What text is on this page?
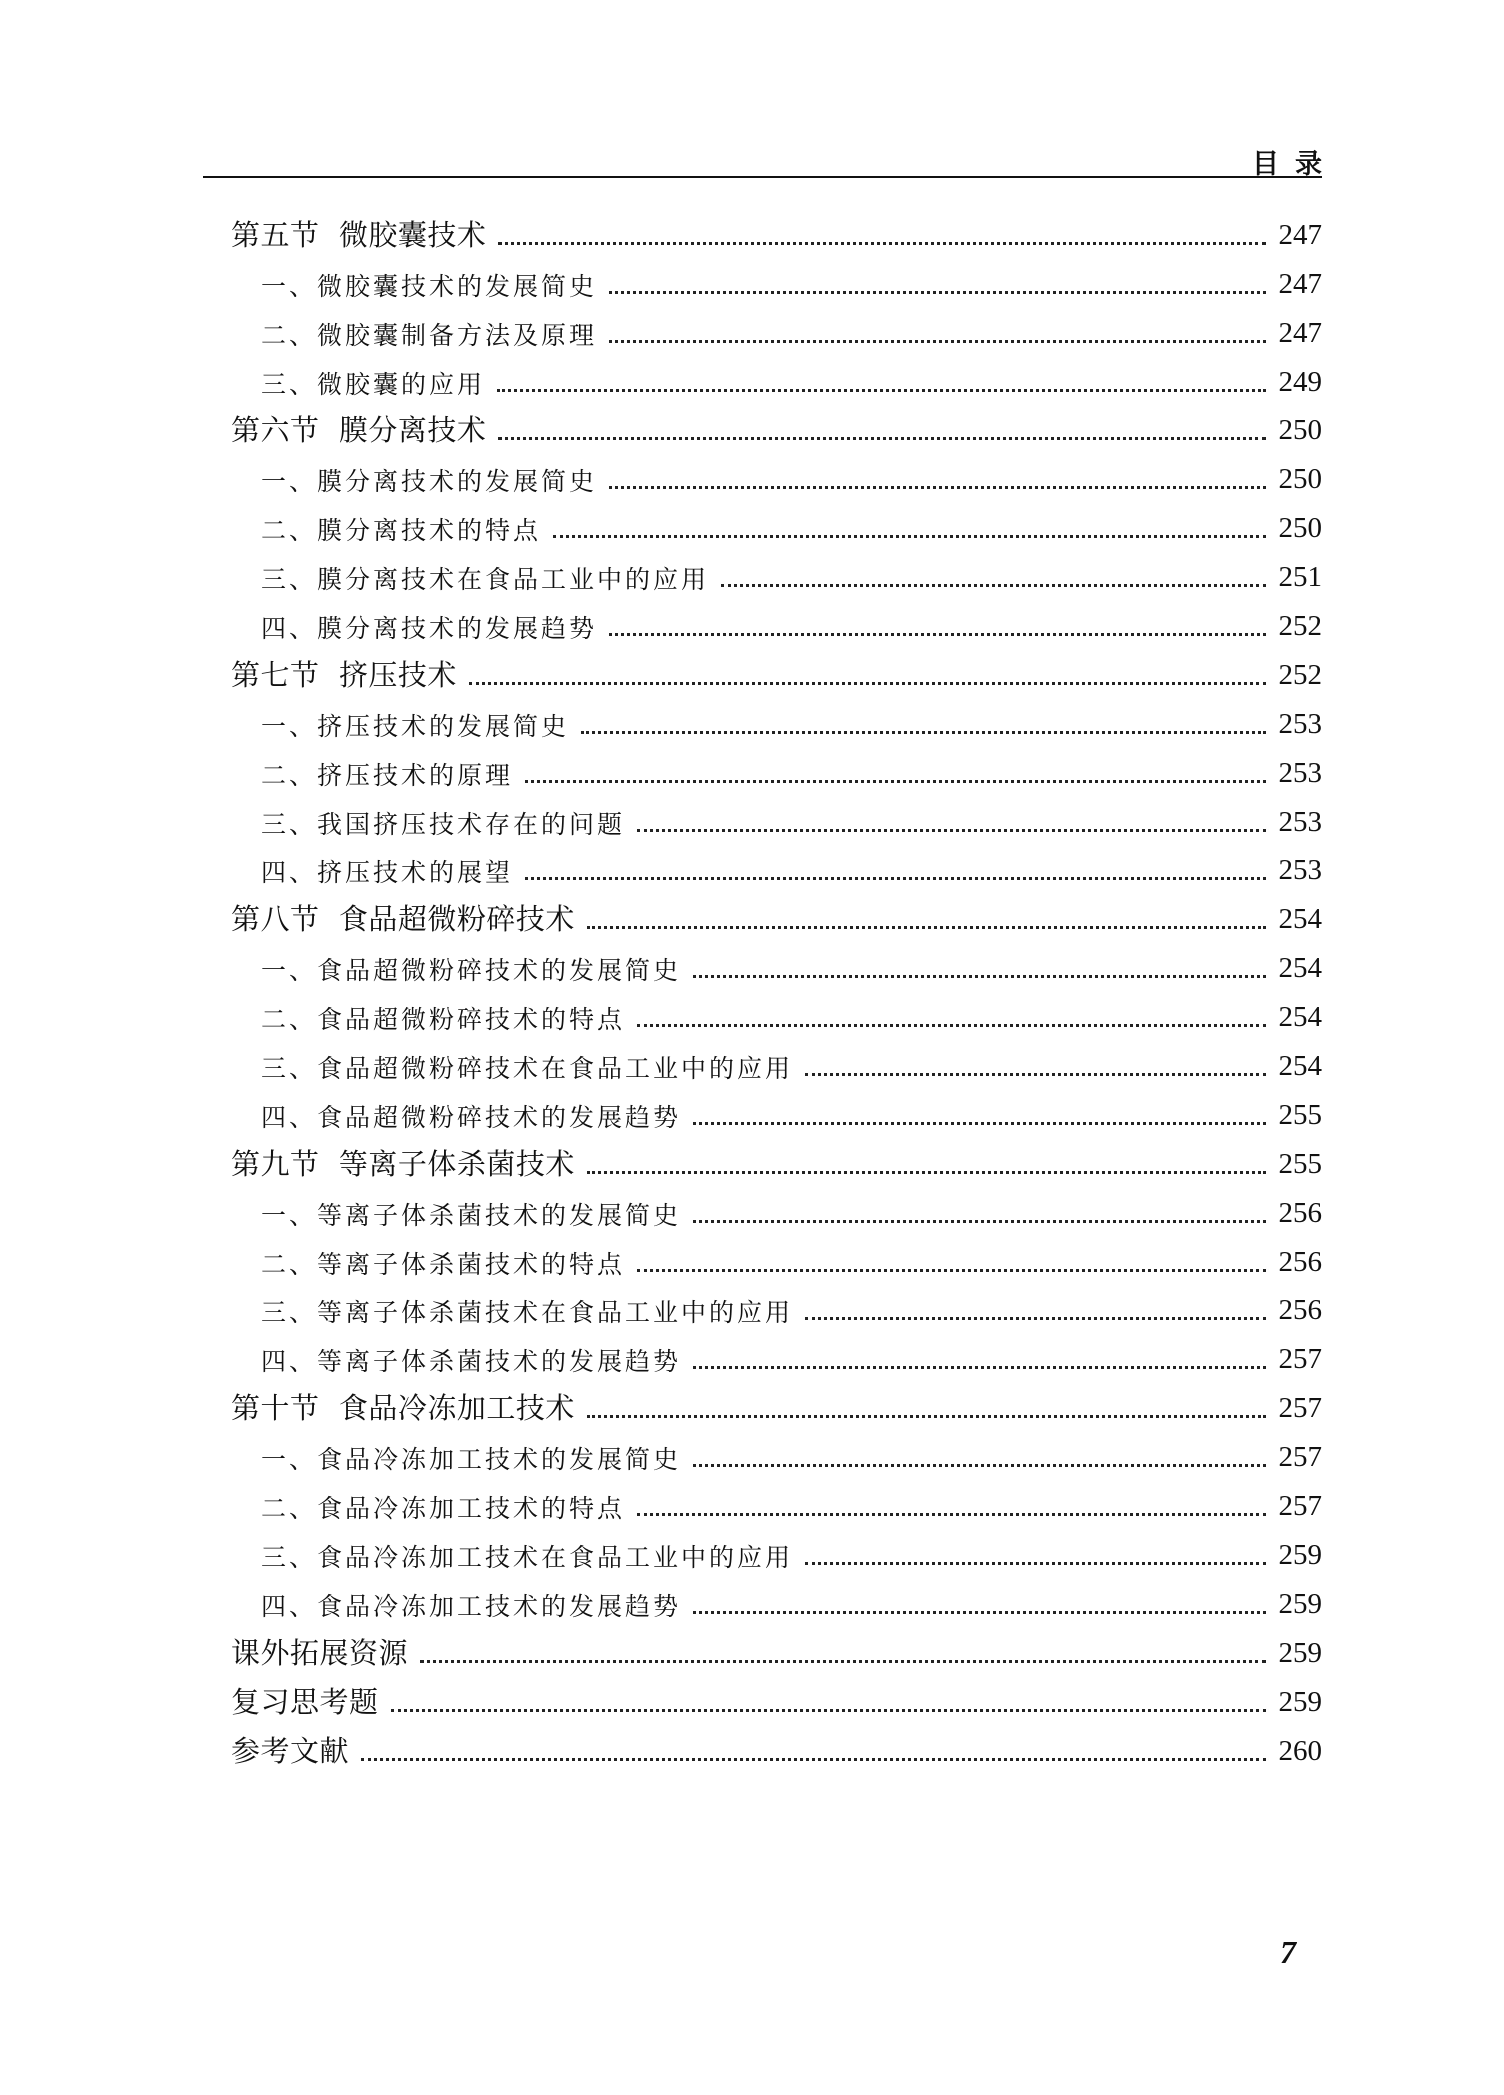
目录
第五节  微胶囊技术	247
一、微胶囊技术的发展简史	247
二、微胶囊制备方法及原理	247
三、微胶囊的应用	249
第六节  膜分离技术	250
一、膜分离技术的发展简史	250
二、膜分离技术的特点	250
三、膜分离技术在食品工业中的应用	251
四、膜分离技术的发展趋势	252
第七节  挤压技术	252
一、挤压技术的发展简史	253
二、挤压技术的原理	253
三、我国挤压技术存在的问题	253
四、挤压技术的展望	253
第八节  食品超微粉碎技术	254
一、食品超微粉碎技术的发展简史	254
二、食品超微粉碎技术的特点	254
三、食品超微粉碎技术在食品工业中的应用	254
四、食品超微粉碎技术的发展趋势	255
第九节  等离子体杀菌技术	255
一、等离子体杀菌技术的发展简史	256
二、等离子体杀菌技术的特点	256
三、等离子体杀菌技术在食品工业中的应用	256
四、等离子体杀菌技术的发展趋势	257
第十节  食品冷冻加工技术	257
一、食品冷冻加工技术的发展简史	257
二、食品冷冻加工技术的特点	257
三、食品冷冻加工技术在食品工业中的应用	259
四、食品冷冻加工技术的发展趋势	259
课外拓展资源	259
复习思考题	259
参考文献	260
7
